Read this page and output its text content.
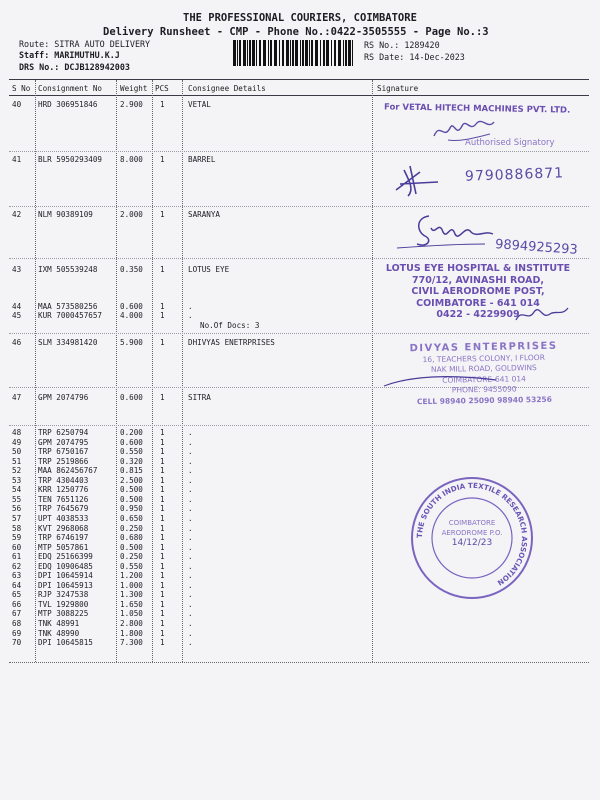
THE PROFESSIONAL COURIERS, COIMBATORE
Delivery Runsheet - CMP - Phone No.:0422-3505555 - Page No.:3
Route: SITRA AUTO DELIVERY
Staff: MARIMUTHU.K.J
DRS No.: DCJB128942003
RS No.: 1289420
RS Date: 14-Dec-2023
S No Consignment No Weight PCS	Consignee Details	Signature
40 HRD 306951846	2.900 1	VETAL
41 BLR 5950293409 8.000 1	BARREL
42 NLM 90389109	2.000 1	SARANYA
43 IXM 505539248	0.350 1	LOTUS EYE
44 MAA 573580256	0.600 1	.
45 KUR 7000457657 4.000 1	.
46 SLM 334981420	5.900 1	DHIVYAS ENETRPRISES
47 GPM 2074796	0.600 1	SITRA
No.Of Docs: 3
48 TRP 6250794	0.200 1	.
49 GPM 2074795	0.600 1	.
50 TRP 6750167	0.550 1	.
51 TRP 2519866	0.320 1	.
52 MAA 862456767	0.815 1	.
53 TRP 4304403	2.500 1	.
54 KRR 1250776	0.500 1	.
55 TEN 7651126	0.500 1	.
56 TRP 7645679	0.950 1	.
57 UPT 4038533	0.650 1	.
58 KVT 2968068	0.250 1	.
59 TRP 6746197	0.680 1	.
60 MTP 5057861	0.500 1	.
61 EDQ 25166399	0.250 1	.
62 EDQ 10906485	0.550 1	.
63 DPI 10645914	1.200 1	.
64 DPI 10645913	1.000 1	.
65 RJP 3247538	1.300 1	.
66 TVL 1929800	1.650 1	.
67 MTP 3088225	1.050 1	.
68 TNK 48991	2.800 1	.
69 TNK 48990	1.800 1	.
70 DPI 10645815	7.300 1	.
For VETAL HITECH MACHINES PVT. LTD.
Authorised Signatory
9790886871
9894925293
LOTUS EYE HOSPITAL & INSTITUTE
770/12, AVINASHI ROAD,
CIVIL AERODROME POST,
COIMBATORE - 641 014
0422 - 4229909
DIVYAS ENTERPRISES
16, TEACHERS COLONY, I FLOOR
NAK MILL ROAD, GOLDWINS
COIMBATORE-641 014
PHONE: 9455090
CELL 98940 25090 98940 53256
THE SOUTH INDIA TEXTILE RESEARCH ASSOCIATION
COIMBATORE
AERODROME P.O.
14/12/23
